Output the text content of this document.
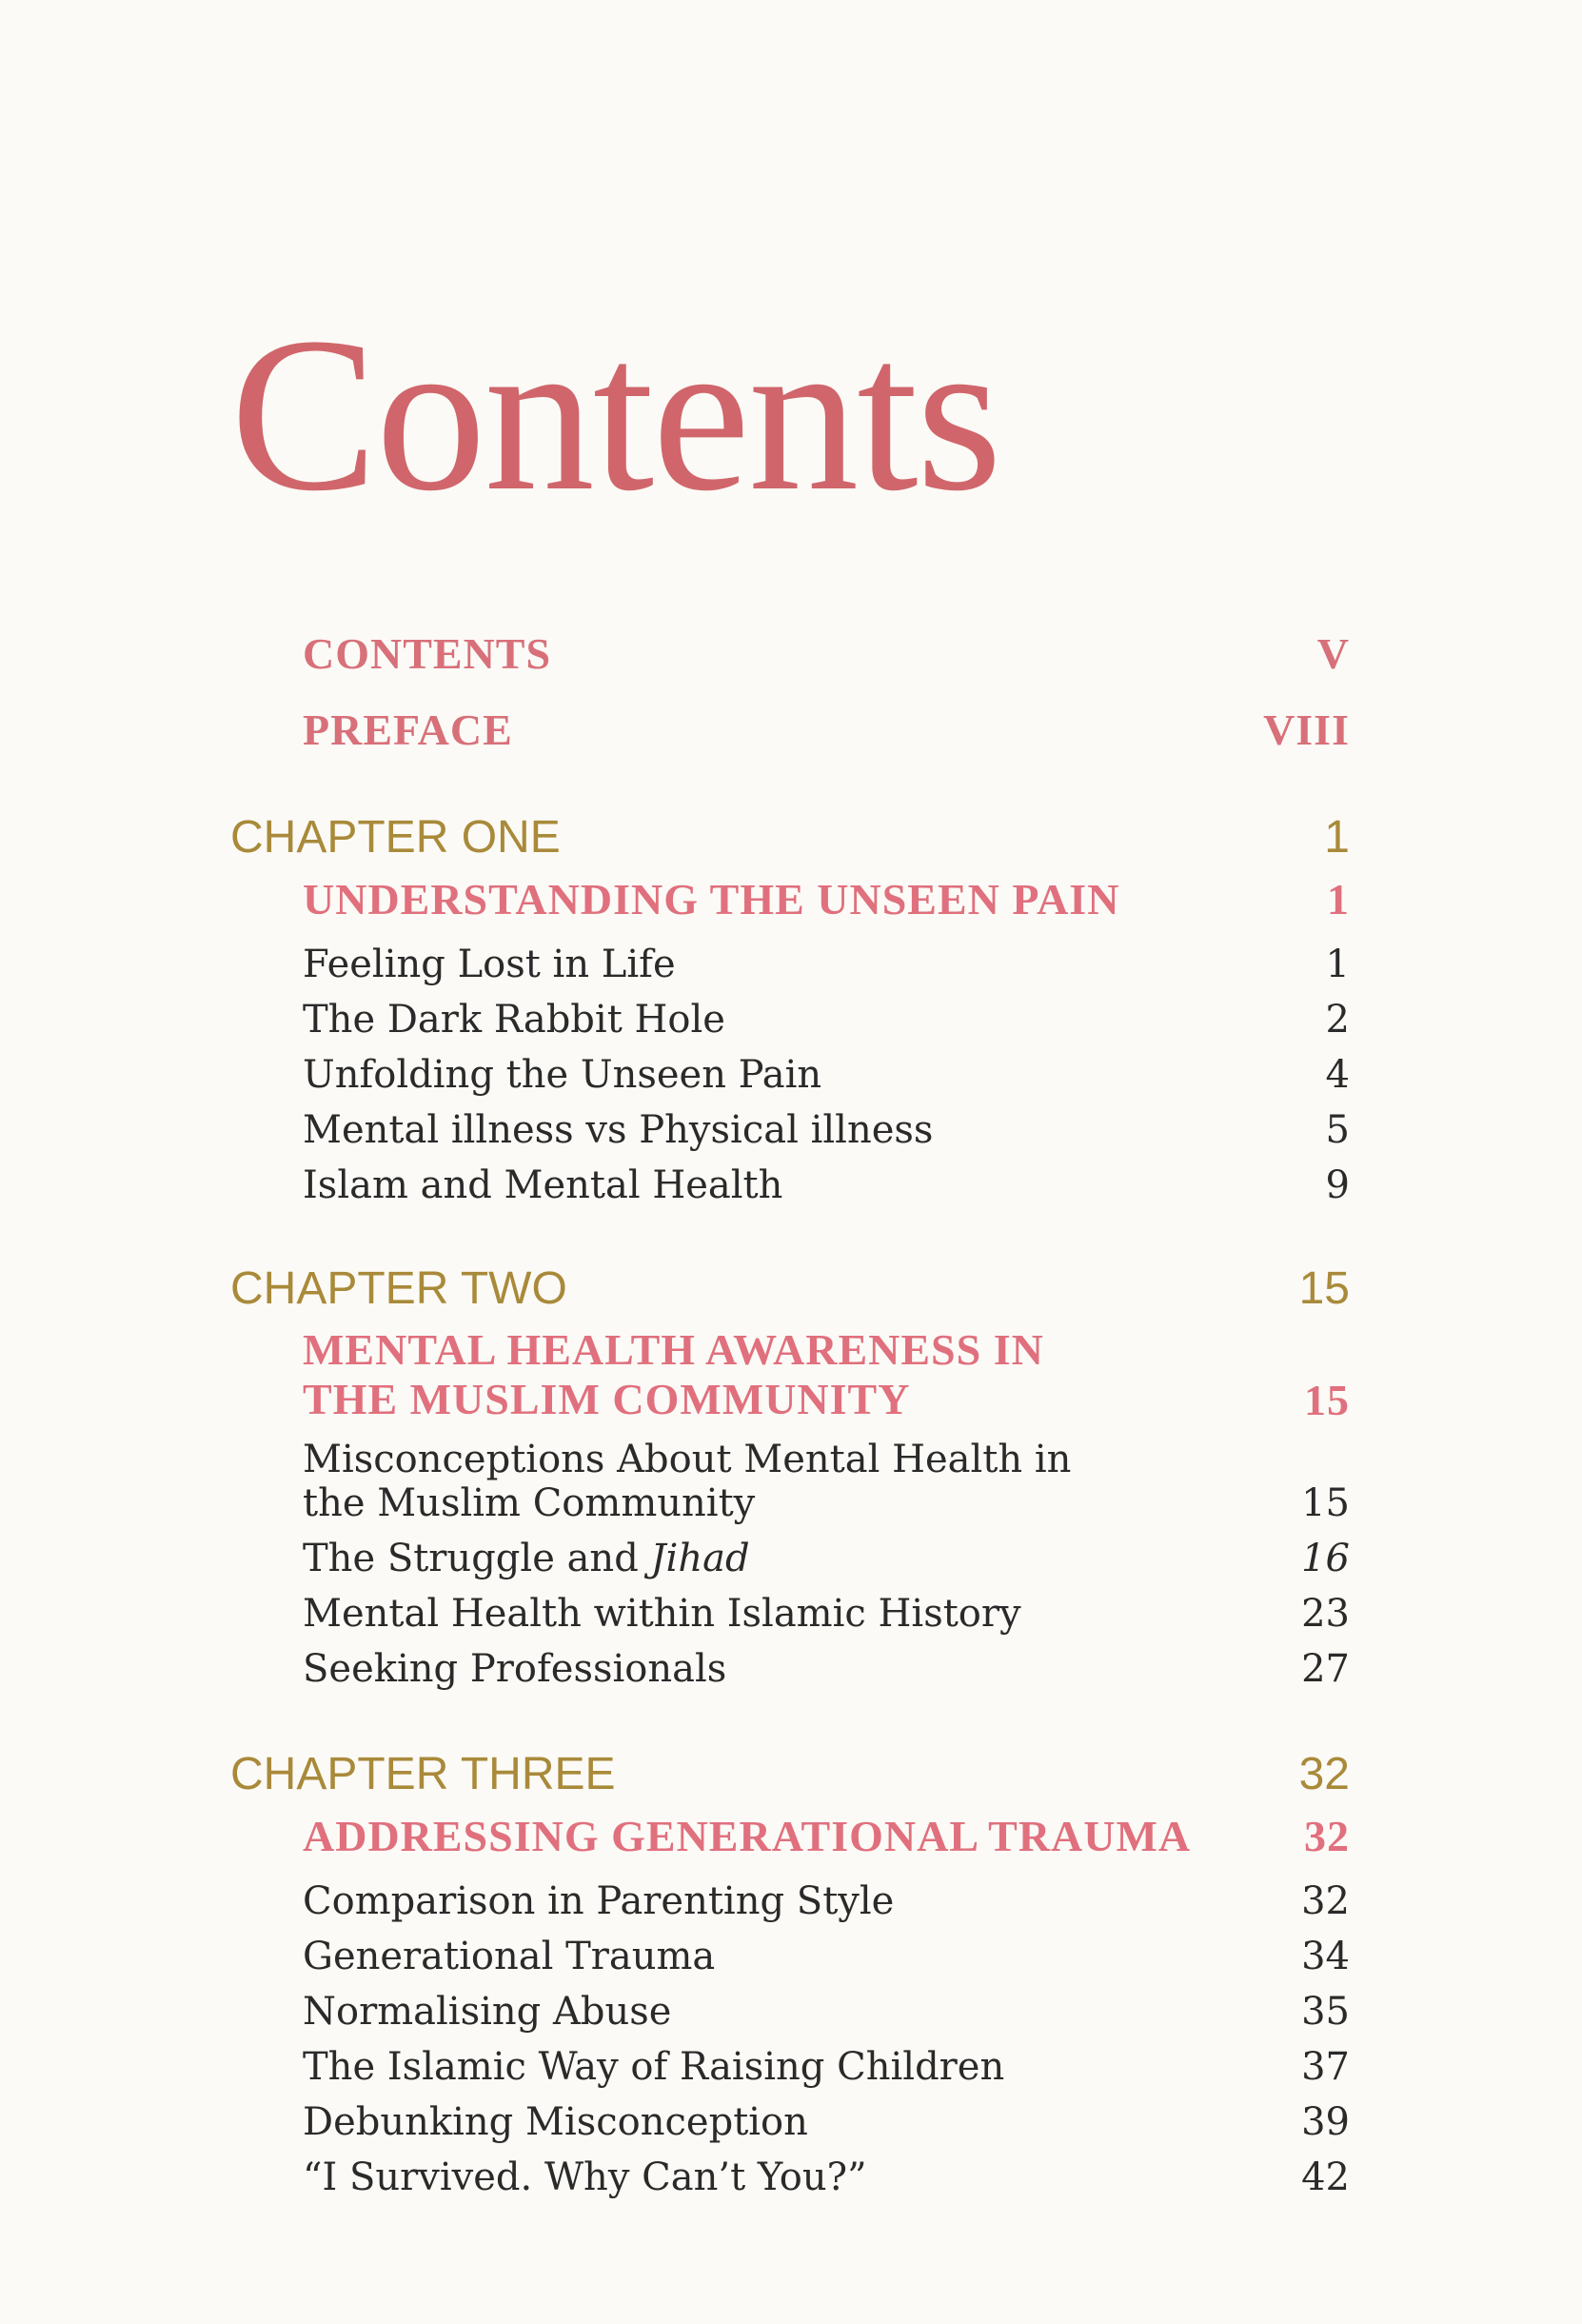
Contents
CONTENTS	V
PREFACE	VIII
CHAPTER ONE	1
UNDERSTANDING THE UNSEEN PAIN	1
Feeling Lost in Life	1
The Dark Rabbit Hole	2
Unfolding the Unseen Pain	4
Mental illness vs Physical illness	5
Islam and Mental Health	9
CHAPTER TWO	15
MENTAL HEALTH AWARENESS IN
THE MUSLIM COMMUNITY	15
Misconceptions About Mental Health in
the Muslim Community	15
The Struggle and Jihad	16
Mental Health within Islamic History	23
Seeking Professionals	27
CHAPTER THREE	32
ADDRESSING GENERATIONAL TRAUMA	32
Comparison in Parenting Style	32
Generational Trauma	34
Normalising Abuse	35
The Islamic Way of Raising Children	37
Debunking Misconception	39
“I Survived. Why Can’t You?”	42
